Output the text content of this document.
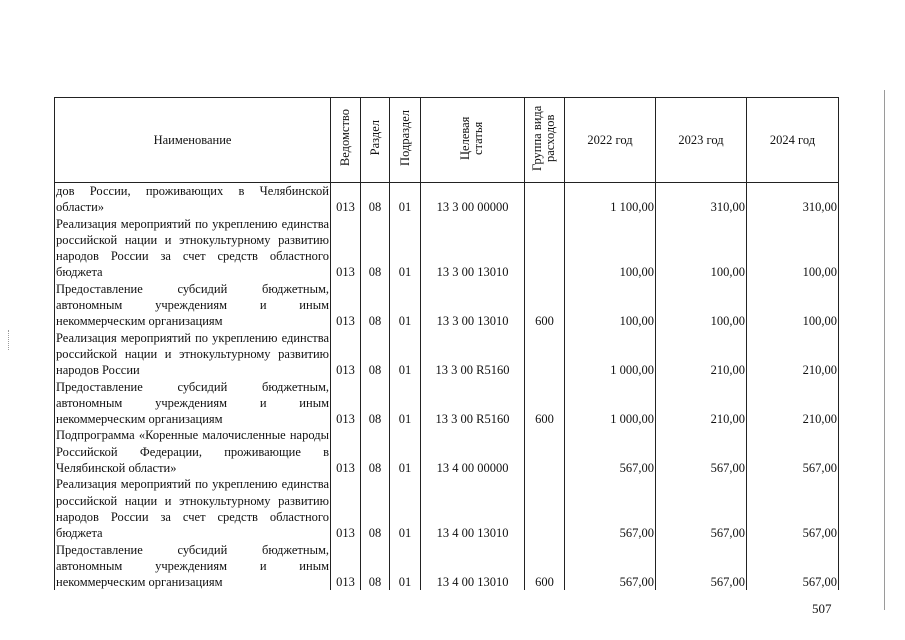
Наименование	Ведомство	Раздел	Подраздел	Целевая статья	Группа вида расходов	2022 год	2023 год	2024 год
дов России, проживающих в Челябинской области»	013	08	01	13 3 00 00000		1 100,00	310,00	310,00
Реализация мероприятий по укреплению единства российской нации и этнокультурному развитию народов России за счет средств областного бюджета	013	08	01	13 3 00 13010		100,00	100,00	100,00
Предоставление субсидий бюджетным, автономным учреждениям и иным некоммерческим организациям	013	08	01	13 3 00 13010	600	100,00	100,00	100,00
Реализация мероприятий по укреплению единства российской нации и этнокультурному развитию народов России	013	08	01	13 3 00 R5160		1 000,00	210,00	210,00
Предоставление субсидий бюджетным, автономным учреждениям и иным некоммерческим организациям	013	08	01	13 3 00 R5160	600	1 000,00	210,00	210,00
Подпрограмма «Коренные малочисленные народы Российской Федерации, проживающие в Челябинской области»	013	08	01	13 4 00 00000		567,00	567,00	567,00
Реализация мероприятий по укреплению единства российской нации и этнокультурному развитию народов России за счет средств областного бюджета	013	08	01	13 4 00 13010		567,00	567,00	567,00
Предоставление субсидий бюджетным, автономным учреждениям и иным некоммерческим организациям	013	08	01	13 4 00 13010	600	567,00	567,00	567,00
507
